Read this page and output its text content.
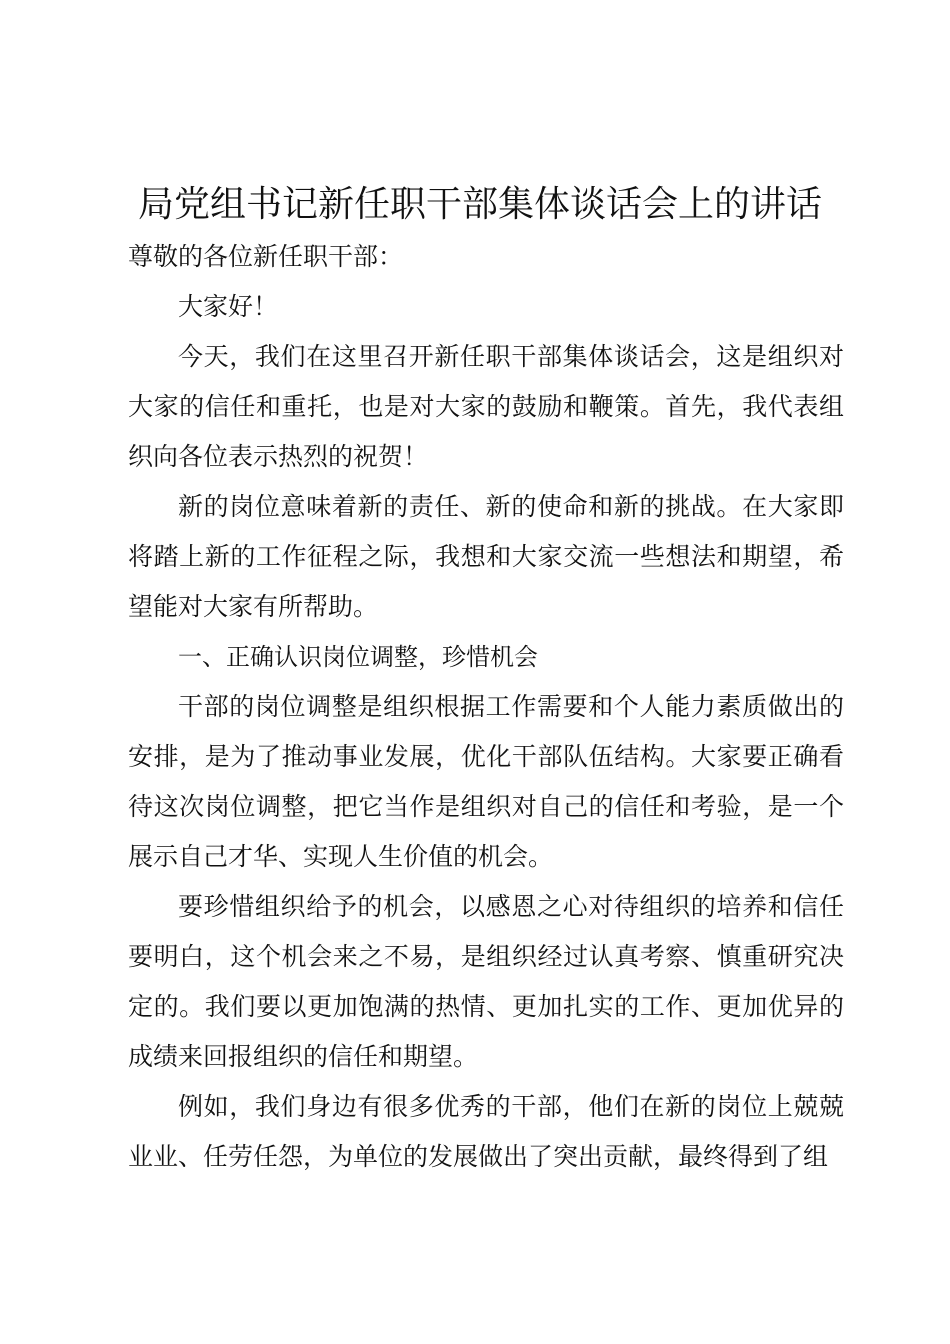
局党组书记新任职干部集体谈话会上的讲话

尊敬的各位新任职干部：

大家好！

今天，我们在这里召开新任职干部集体谈话会，这是组织对大家的信任和重托，也是对大家的鼓励和鞭策。首先，我代表组织向各位表示热烈的祝贺！

新的岗位意味着新的责任、新的使命和新的挑战。在大家即将踏上新的工作征程之际，我想和大家交流一些想法和期望，希望能对大家有所帮助。

一、正确认识岗位调整，珍惜机会

干部的岗位调整是组织根据工作需要和个人能力素质做出的安排，是为了推动事业发展，优化干部队伍结构。大家要正确看待这次岗位调整，把它当作是组织对自己的信任和考验，是一个展示自己才华、实现人生价值的机会。

要珍惜组织给予的机会，以感恩之心对待组织的培养和信任要明白，这个机会来之不易，是组织经过认真考察、慎重研究决定的。我们要以更加饱满的热情、更加扎实的工作、更加优异的成绩来回报组织的信任和期望。

例如，我们身边有很多优秀的干部，他们在新的岗位上兢兢业业、任劳任怨，为单位的发展做出了突出贡献，最终得到了组
